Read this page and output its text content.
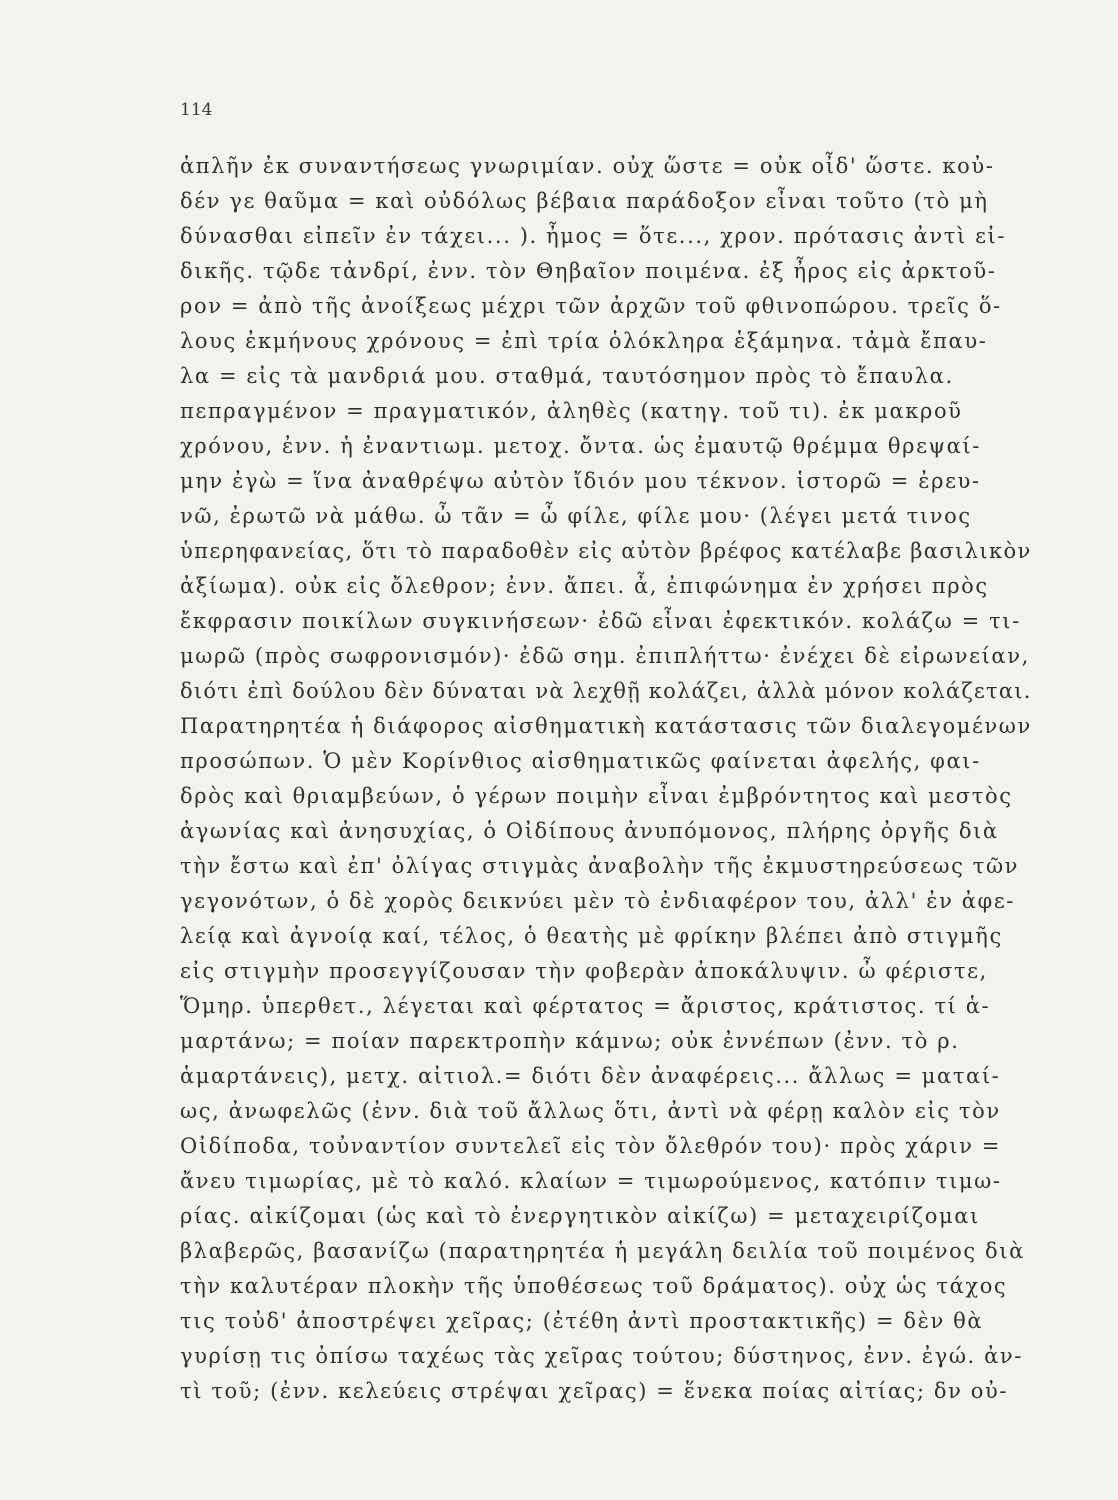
114
ἁπλῆν ἐκ συναντήσεως γνωριμίαν. οὐχ ὥστε = οὐκ οἶδ' ὥστε. κοὐ-
δέν γε θαῦμα = καὶ οὐδόλως βέβαια παράδοξον εἶναι τοῦτο (τὸ μὴ
δύνασθαι εἰπεῖν ἐν τάχει... ). ἦμος = ὅτε..., χρον. πρότασις ἀντὶ εἰ-
δικῆς. τῷδε τἀνδρί, ἐνν. τὸν Θηβαῖον ποιμένα. ἐξ ἦρος εἰς ἀρκτοῦ-
ρον = ἀπὸ τῆς ἀνοίξεως μέχρι τῶν ἀρχῶν τοῦ φθινοπώρου. τρεῖς ὅ-
λους ἐκμήνους χρόνους = ἐπὶ τρία ὁλόκληρα ἑξάμηνα. τἀμὰ ἔπαυ-
λα = εἰς τὰ μανδριά μου. σταθμά, ταυτόσημον πρὸς τὸ ἔπαυλα.
πεπραγμένον = πραγματικόν, ἀληθὲς (κατηγ. τοῦ τι). ἐκ μακροῦ
χρόνου, ἐνν. ἡ ἐναντιωμ. μετοχ. ὄντα. ὡς ἐμαυτῷ θρέμμα θρεψαί-
μην ἐγὼ = ἵνα ἀναθρέψω αὐτὸν ἴδιόν μου τέκνον. ἱστορῶ = ἐρευ-
νῶ, ἐρωτῶ νὰ μάθω. ὦ τᾶν = ὦ φίλε, φίλε μου· (λέγει μετά τινος
ὑπερηφανείας, ὅτι τὸ παραδοθὲν εἰς αὐτὸν βρέφος κατέλαβε βασιλικὸν
ἀξίωμα). οὐκ εἰς ὄλεθρον; ἐνν. ἄπει. ἆ, ἐπιφώνημα ἐν χρήσει πρὸς
ἔκφρασιν ποικίλων συγκινήσεων· ἐδῶ εἶναι ἐφεκτικόν. κολάζω = τι-
μωρῶ (πρὸς σωφρονισμόν)· ἐδῶ σημ. ἐπιπλήττω· ἐνέχει δὲ εἰρωνείαν,
διότι ἐπὶ δούλου δὲν δύναται νὰ λεχθῇ κολάζει, ἀλλὰ μόνον κολάζεται.
Παρατηρητέα ἡ διάφορος αἰσθηματικὴ κατάστασις τῶν διαλεγομένων
προσώπων. Ὁ μὲν Κορίνθιος αἰσθηματικῶς φαίνεται ἀφελής, φαι-
δρὸς καὶ θριαμβεύων, ὁ γέρων ποιμὴν εἶναι ἐμβρόντητος καὶ μεστὸς
ἀγωνίας καὶ ἀνησυχίας, ὁ Οἰδίπους ἀνυπόμονος, πλήρης ὀργῆς διὰ
τὴν ἔστω καὶ ἐπ' ὀλίγας στιγμὰς ἀναβολὴν τῆς ἐκμυστηρεύσεως τῶν
γεγονότων, ὁ δὲ χορὸς δεικνύει μὲν τὸ ἐνδιαφέρον του, ἀλλ' ἐν ἀφε-
λείᾳ καὶ ἀγνοίᾳ καί, τέλος, ὁ θεατὴς μὲ φρίκην βλέπει ἀπὸ στιγμῆς
εἰς στιγμὴν προσεγγίζουσαν τὴν φοβερὰν ἀποκάλυψιν. ὦ φέριστε,
Ὅμηρ. ὑπερθετ., λέγεται καὶ φέρτατος = ἄριστος, κράτιστος. τί ἁ-
μαρτάνω; = ποίαν παρεκτροπὴν κάμνω; οὐκ ἐννέπων (ἐνν. τὸ ρ.
ἁμαρτάνεις), μετχ. αἰτιολ.= διότι δὲν ἀναφέρεις... ἄλλως = ματαί-
ως, ἀνωφελῶς (ἐνν. διὰ τοῦ ἄλλως ὅτι, ἀντὶ νὰ φέρῃ καλὸν εἰς τὸν
Οἰδίποδα, τοὐναντίον συντελεῖ εἰς τὸν ὄλεθρόν του)· πρὸς χάριν =
ἄνευ τιμωρίας, μὲ τὸ καλό. κλαίων = τιμωρούμενος, κατόπιν τιμω-
ρίας. αἰκίζομαι (ὡς καὶ τὸ ἐνεργητικὸν αἰκίζω) = μεταχειρίζομαι
βλαβερῶς, βασανίζω (παρατηρητέα ἡ μεγάλη δειλία τοῦ ποιμένος διὰ
τὴν καλυτέραν πλοκὴν τῆς ὑποθέσεως τοῦ δράματος). οὐχ ὡς τάχος
τις τοὐδ' ἀποστρέψει χεῖρας; (ἐτέθη ἀντὶ προστακτικῆς) = δὲν θὰ
γυρίσῃ τις ὀπίσω ταχέως τὰς χεῖρας τούτου; δύστηνος, ἐνν. ἐγώ. ἀν-
τὶ τοῦ; (ἐνν. κελεύεις στρέψαι χεῖρας) = ἕνεκα ποίας αἰτίας; δν οὐ-
